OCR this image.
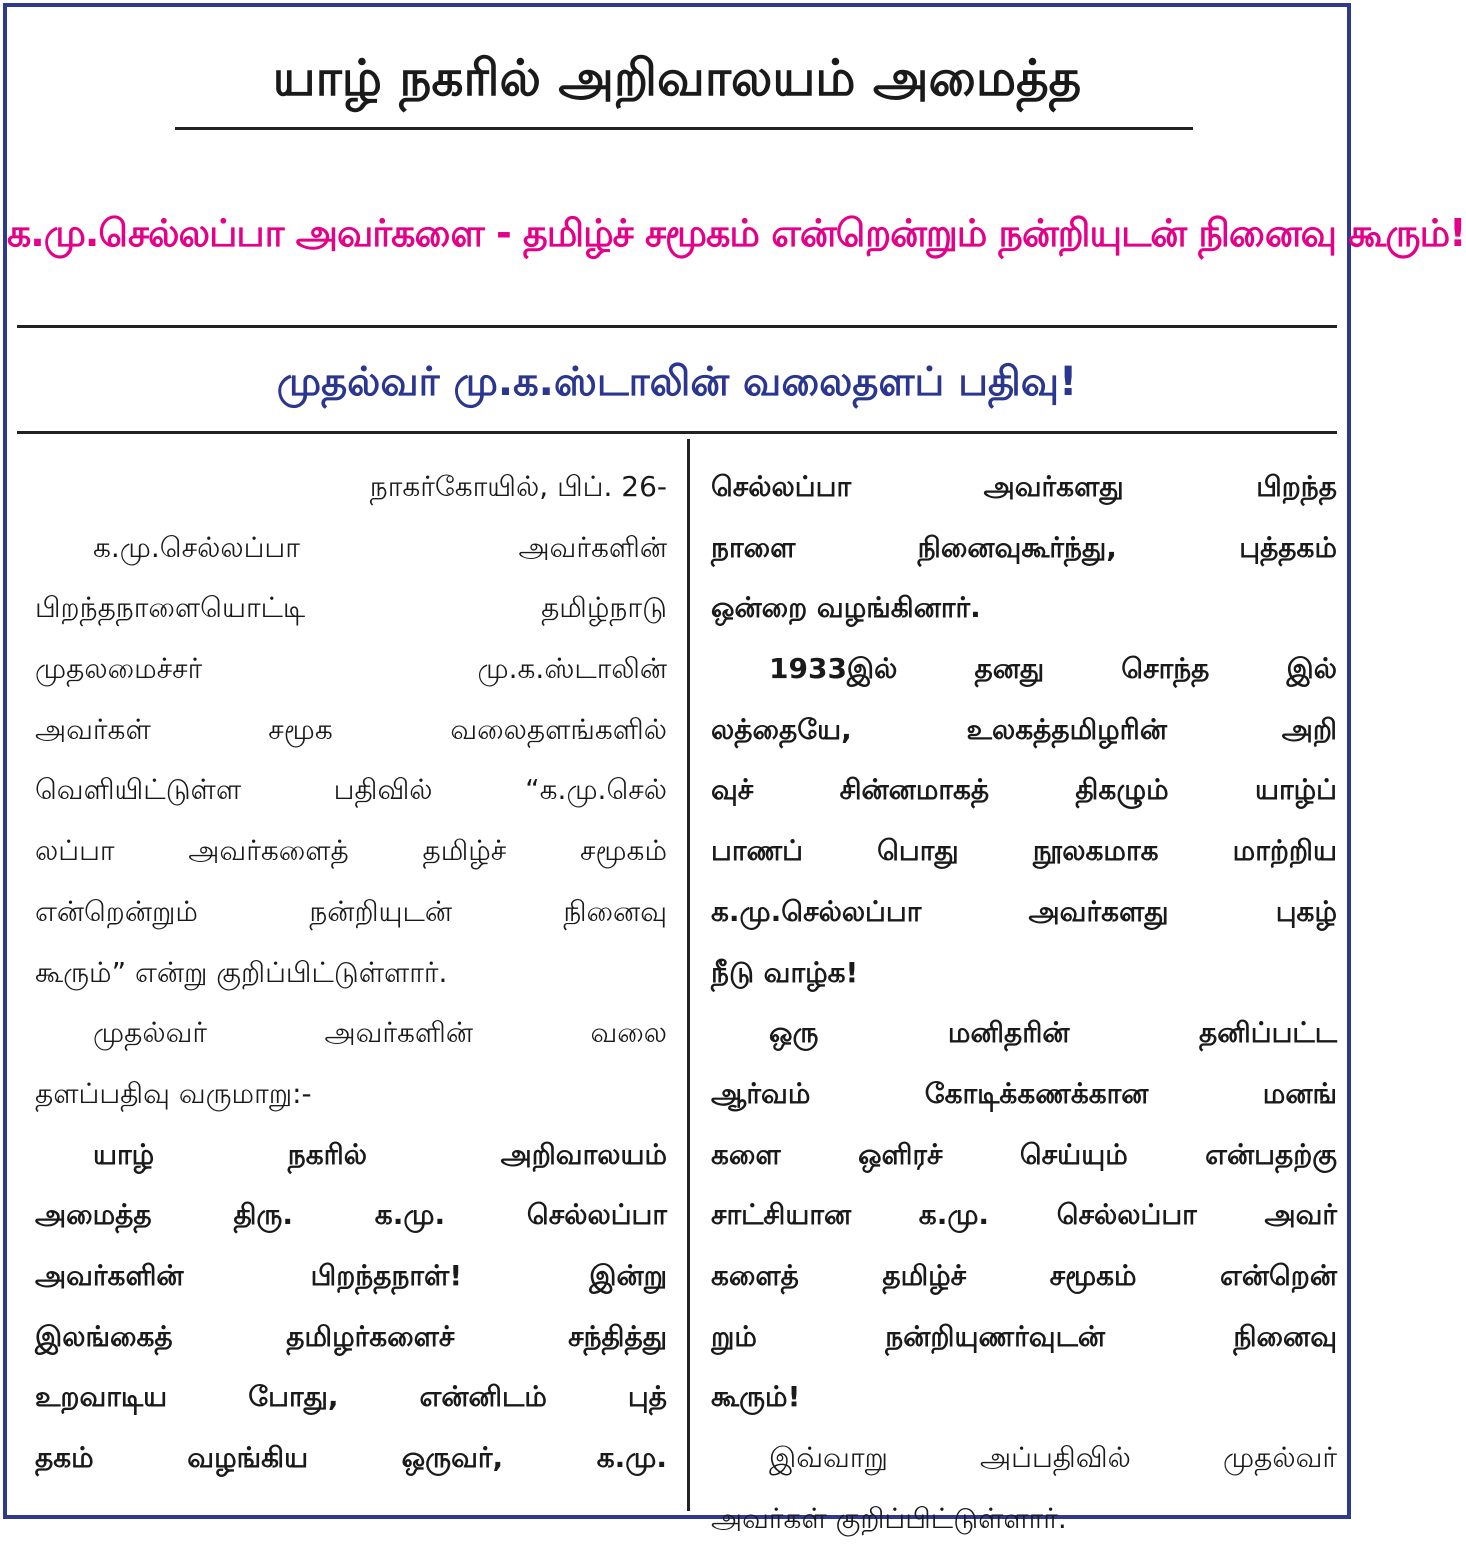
யாழ் நகரில் அறிவாலயம் அமைத்த
க.மு.செல்லப்பா அவர்களை - தமிழ்ச் சமூகம் என்றென்றும் நன்றியுடன் நினைவு கூரும்!
முதல்வர் மு.க.ஸ்டாலின் வலைதளப் பதிவு!
நாகர்கோயில், பிப். 26-
க.மு.செல்லப்பா அவர்களின்
பிறந்தநாளையொட்டி தமிழ்நாடு
முதலமைச்சர் மு.க.ஸ்டாலின்
அவர்கள் சமூக வலைதளங்களில்
வெளியிட்டுள்ள பதிவில் “க.மு.செல்
லப்பா அவர்களைத் தமிழ்ச் சமூகம்
என்றென்றும் நன்றியுடன் நினைவு
கூரும்” என்று குறிப்பிட்டுள்ளார்.
முதல்வர் அவர்களின் வலை
தளப்பதிவு வருமாறு:-
யாழ் நகரில் அறிவாலயம்
அமைத்த திரு. க.மு. செல்லப்பா
அவர்களின் பிறந்தநாள்! இன்று
இலங்கைத் தமிழர்களைச் சந்தித்து
உறவாடிய போது, என்னிடம் புத்
தகம் வழங்கிய ஒருவர், க.மு.
செல்லப்பா அவர்களது பிறந்த
நாளை நினைவுகூர்ந்து, புத்தகம்
ஒன்றை வழங்கினார்.
1933இல் தனது சொந்த இல்
லத்தையே, உலகத்தமிழரின் அறி
வுச் சின்னமாகத் திகழும் யாழ்ப்
பாணப் பொது நூலகமாக மாற்றிய
க.மு.செல்லப்பா அவர்களது புகழ்
நீடு வாழ்க!
ஒரு மனிதரின் தனிப்பட்ட
ஆர்வம் கோடிக்கணக்கான மனங்
களை ஒளிரச் செய்யும் என்பதற்கு
சாட்சியான க.மு. செல்லப்பா அவர்
களைத் தமிழ்ச் சமூகம் என்றென்
றும் நன்றியுணர்வுடன் நினைவு
கூரும்!
இவ்வாறு அப்பதிவில் முதல்வர்
அவர்கள் குறிப்பிட்டுள்ளார்.
